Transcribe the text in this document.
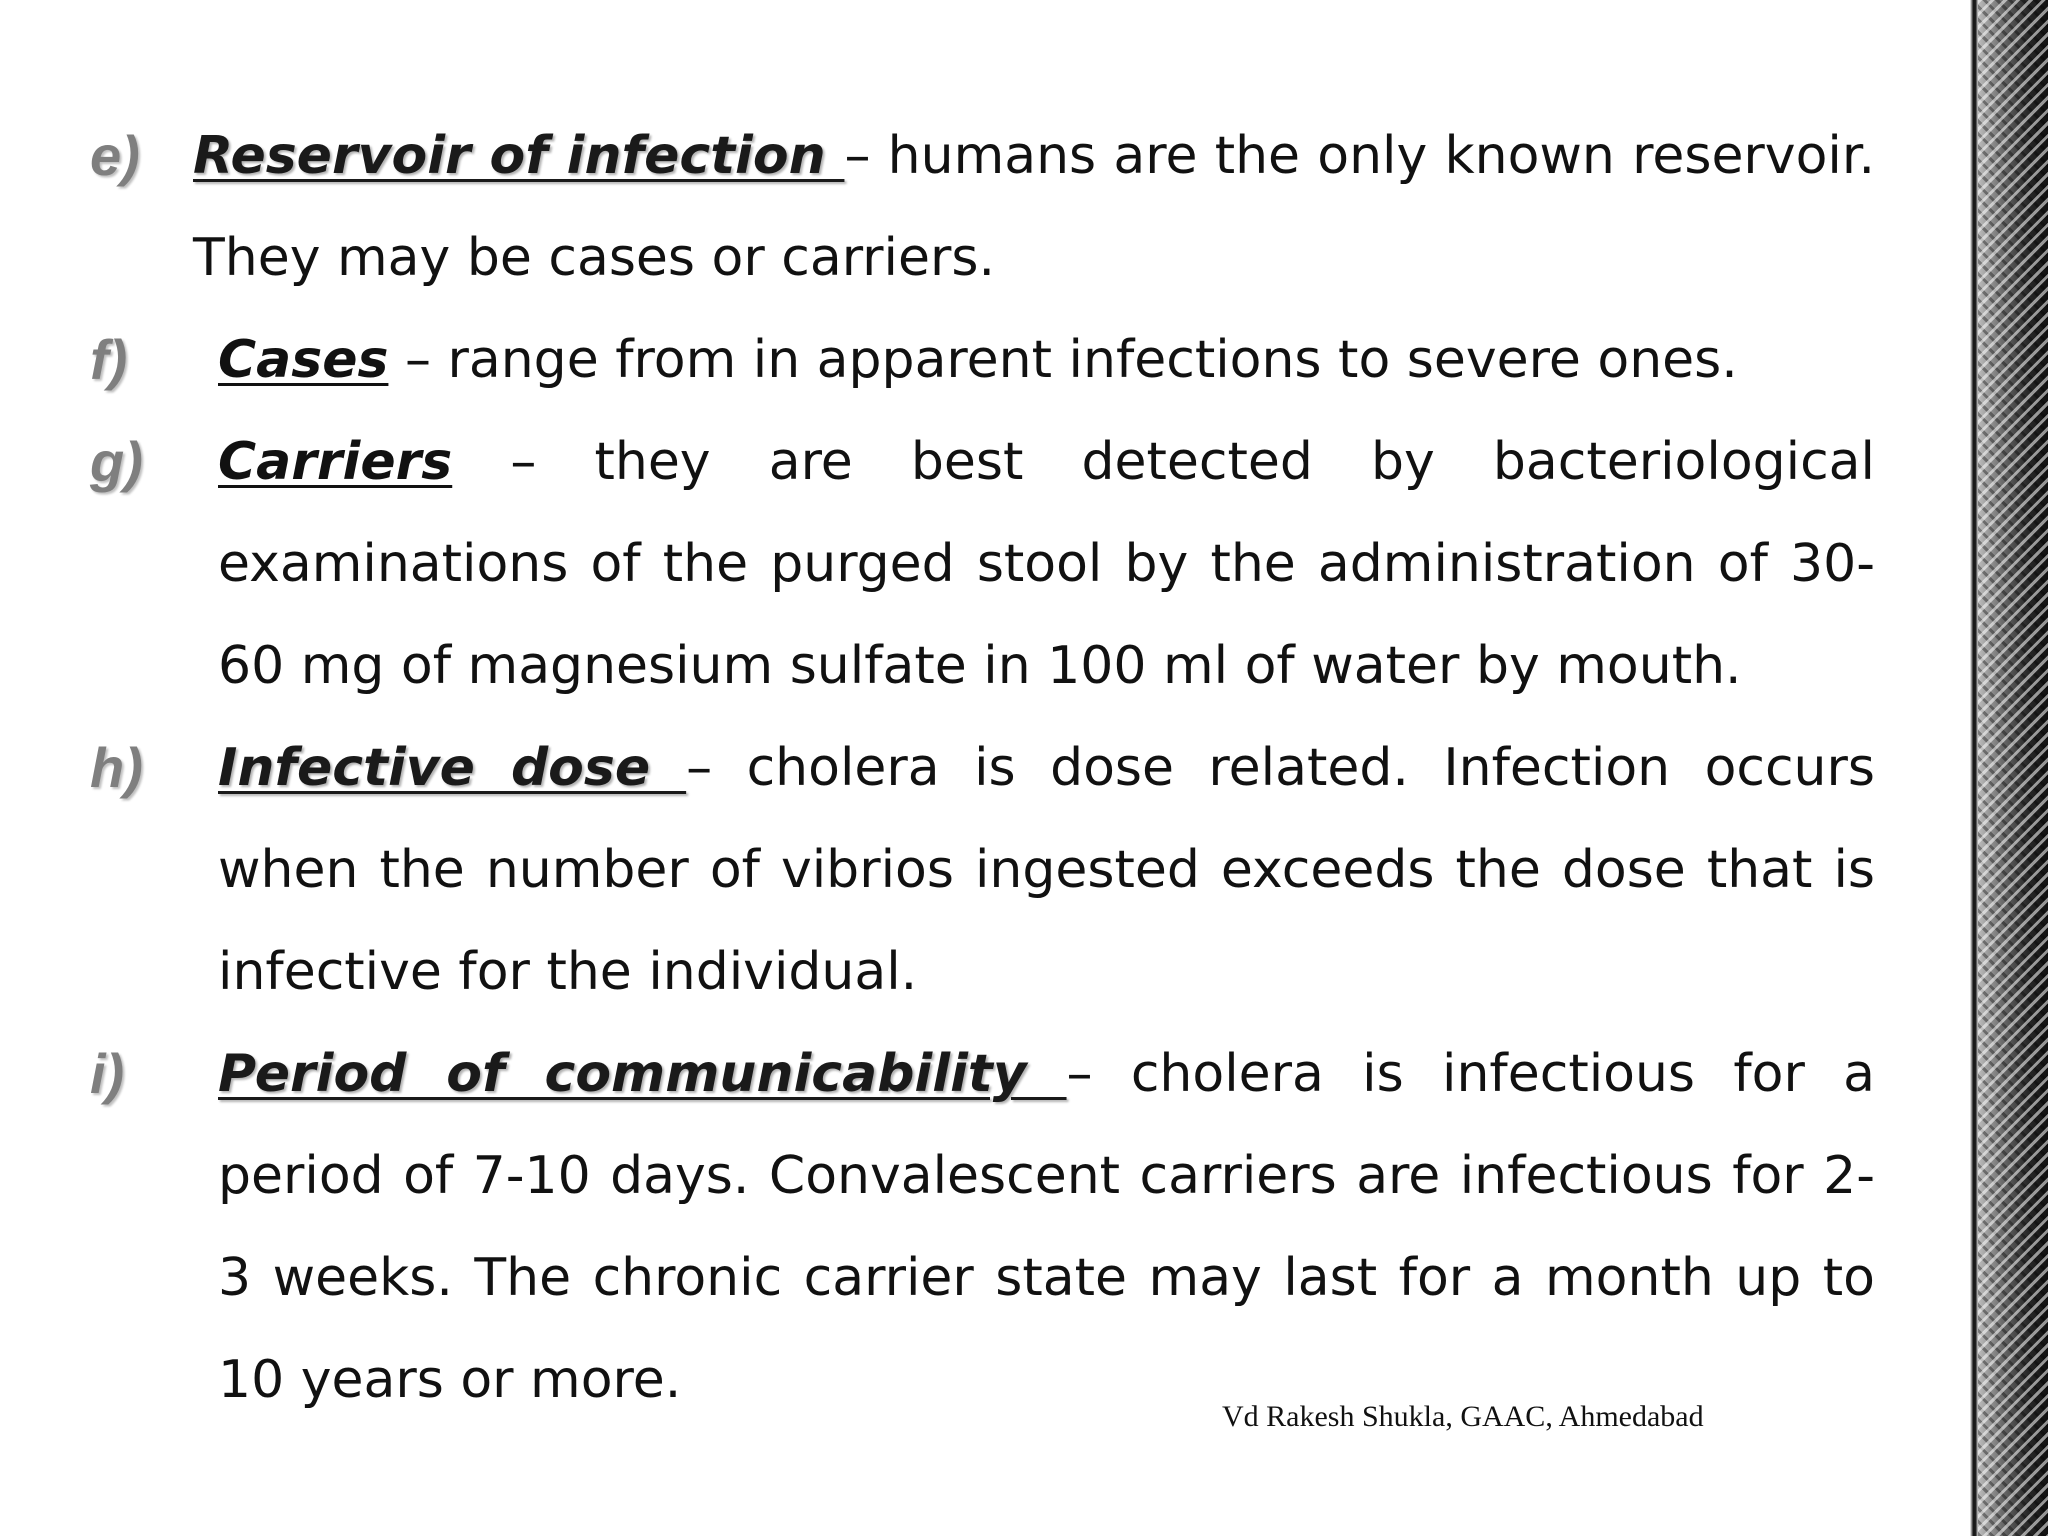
e) Reservoir of infection – humans are the only known reservoir. They may be cases or carriers.
f) Cases – range from in apparent infections to severe ones.
g) Carriers – they are best detected by bacteriological examinations of the purged stool by the administration of 30-60 mg of magnesium sulfate in 100 ml of water by mouth.
h) Infective dose – cholera is dose related. Infection occurs when the number of vibrios ingested exceeds the dose that is infective for the individual.
i) Period of communicability – cholera is infectious for a period of 7-10 days. Convalescent carriers are infectious for 2-3 weeks. The chronic carrier state may last for a month up to 10 years or more.
Vd Rakesh Shukla, GAAC, Ahmedabad
